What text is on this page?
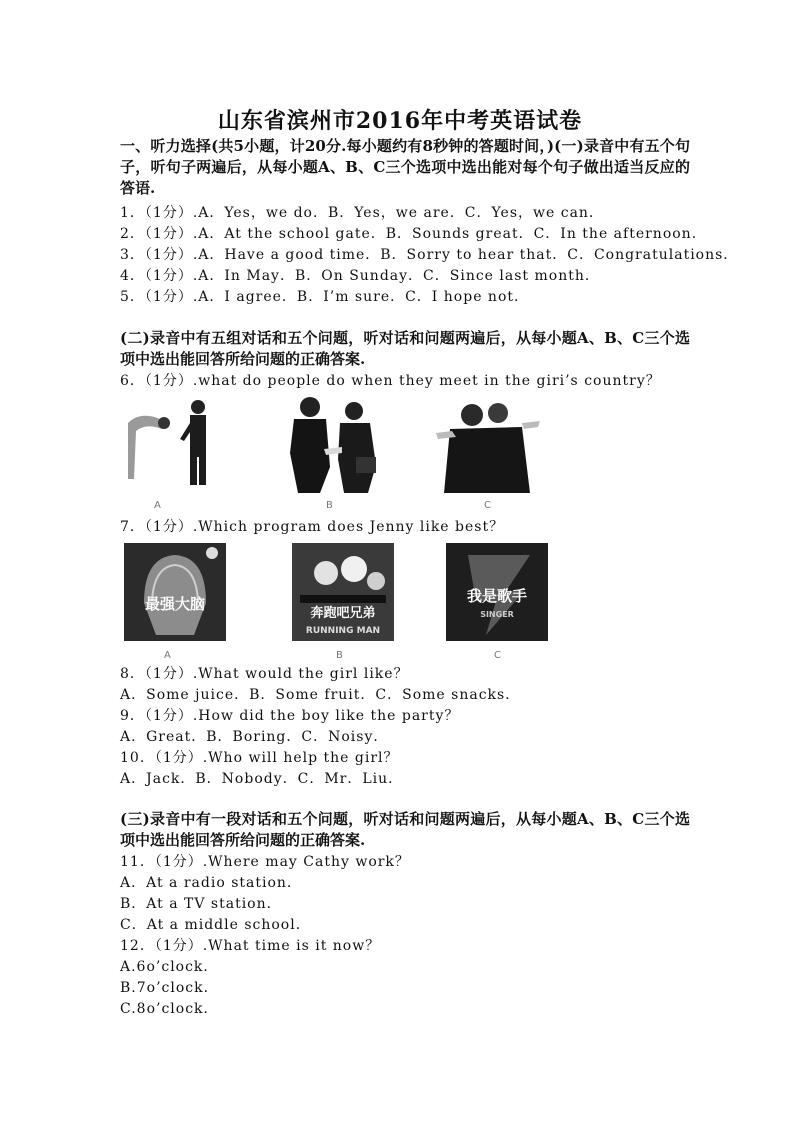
山东省滨州市2016年中考英语试卷
一、听力选择(共5小题，计20分.每小题约有8秒钟的答题时间，)(一)录音中有五个句子，听句子两遍后，从每小题A、B、C三个选项中选出能对每个句子做出适当反应的答语.
1．（1分）.A．Yes，we do．B．Yes，we are．C．Yes，we can．
2．（1分）.A．At the school gate．B．Sounds great．C．In the afternoon．
3．（1分）.A．Have a good time．B．Sorry to hear that．C．Congratulations．
4．（1分）.A．In May．B．On Sunday．C．Since last month．
5．（1分）.A．I agree．B．I’m sure．C．I hope not．
(二)录音中有五组对话和五个问题，听对话和问题两遍后，从每小题A、B、C三个选项中选出能回答所给问题的正确答案.
6．（1分）.what do people do when they meet in the giri’s country？
A	B	C
7．（1分）.Which program does Jenny like best？
最强大脑
A
奔跑吧兄弟
RUNNING MAN
B
我是歌手
SINGER
C
8．（1分）.What would the girl like？
A．Some juice．B．Some fruit．C．Some snacks．
9．（1分）.How did the boy like the party？
A．Great．B．Boring．C．Noisy．
10．（1分）.Who will help the girl？
A．Jack．B．Nobody．C．Mr．Liu．
(三)录音中有一段对话和五个问题，听对话和问题两遍后，从每小题A、B、C三个选项中选出能回答所给问题的正确答案.
11．（1分）.Where may Cathy work？
A．At a radio station．
B．At a TV station．
C．At a middle school．
12．（1分）.What time is it now？
A.6o’clock．
B.7o’clock．
C.8o’clock．
